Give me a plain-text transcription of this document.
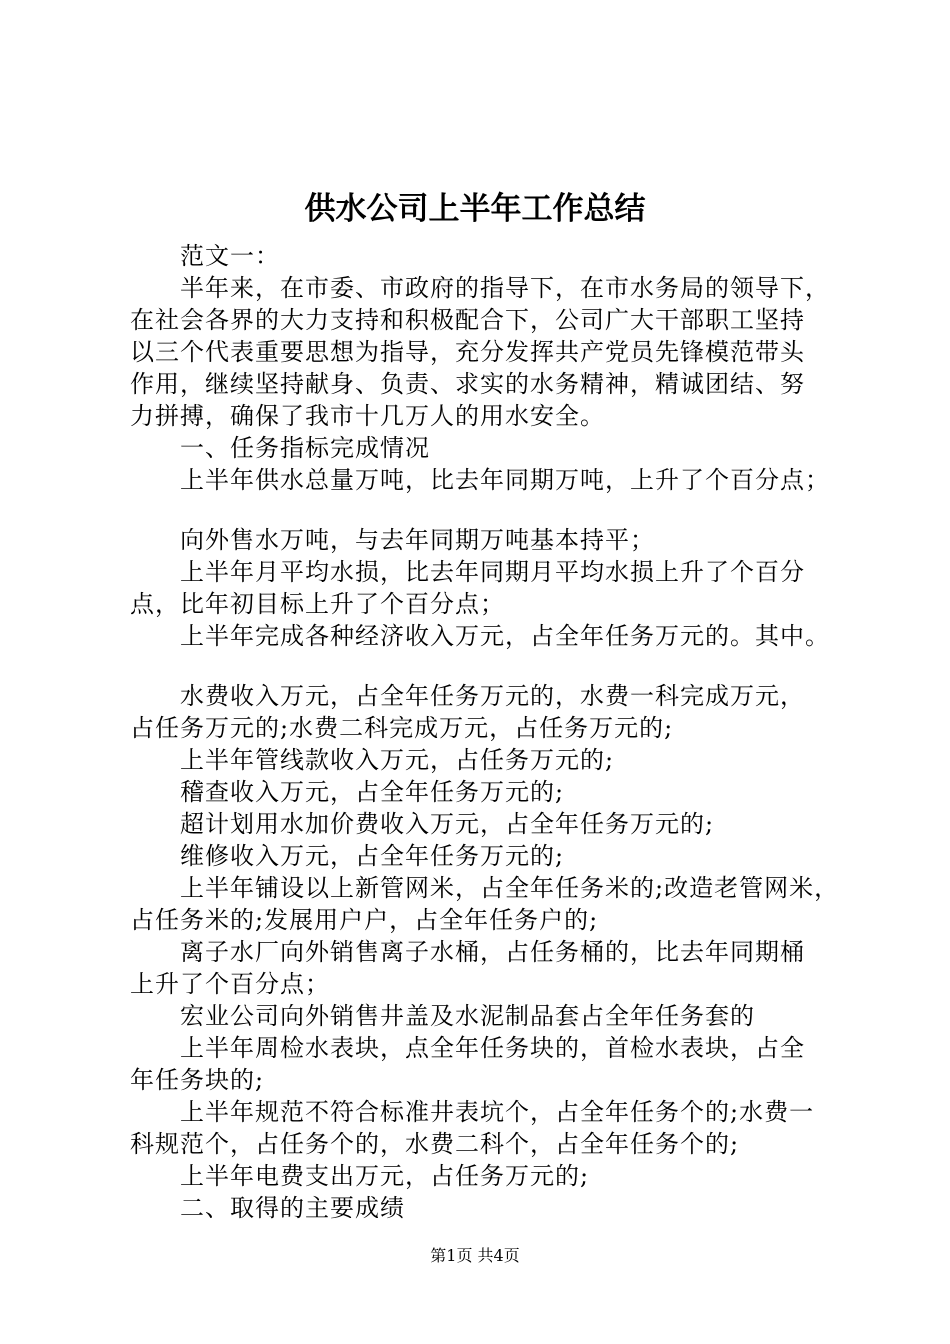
供水公司上半年工作总结
范文一：
半年来，在市委、市政府的指导下，在市水务局的领导下，
在社会各界的大力支持和积极配合下，公司广大干部职工坚持
以三个代表重要思想为指导，充分发挥共产党员先锋模范带头
作用，继续坚持献身、负责、求实的水务精神，精诚团结、努
力拼搏，确保了我市十几万人的用水安全。
一、任务指标完成情况
上半年供水总量万吨，比去年同期万吨，上升了个百分点；
向外售水万吨，与去年同期万吨基本持平；
上半年月平均水损，比去年同期月平均水损上升了个百分
点，比年初目标上升了个百分点；
上半年完成各种经济收入万元，占全年任务万元的。其中。
水费收入万元，占全年任务万元的，水费一科完成万元，
占任务万元的;水费二科完成万元，占任务万元的;
上半年管线款收入万元，占任务万元的;
稽查收入万元，占全年任务万元的;
超计划用水加价费收入万元，占全年任务万元的;
维修收入万元，占全年任务万元的;
上半年铺设以上新管网米，占全年任务米的;改造老管网米，
占任务米的;发展用户户，占全年任务户的;
离子水厂向外销售离子水桶，占任务桶的，比去年同期桶
上升了个百分点；
宏业公司向外销售井盖及水泥制品套占全年任务套的
上半年周检水表块，点全年任务块的，首检水表块，占全
年任务块的;
上半年规范不符合标准井表坑个，占全年任务个的;水费一
科规范个，占任务个的，水费二科个，占全年任务个的;
上半年电费支出万元，占任务万元的;
二、取得的主要成绩
第1页 共4页
